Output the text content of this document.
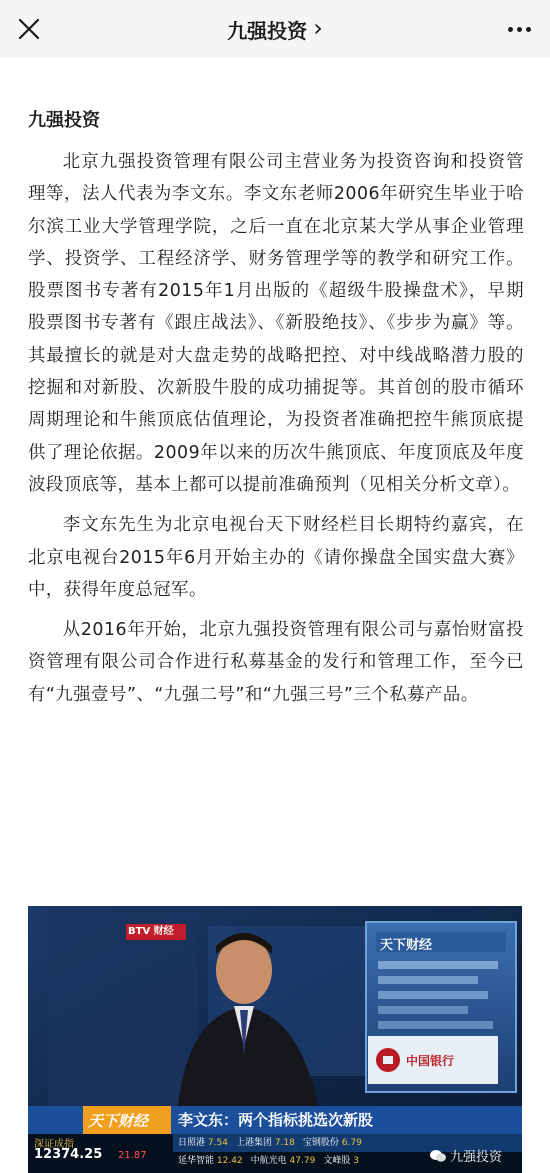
九强投资 ›
九强投资

北京九强投资管理有限公司主营业务为投资咨询和投资管理等，法人代表为李文东。李文东老师2006年研究生毕业于哈尔滨工业大学管理学院，之后一直在北京某大学从事企业管理学、投资学、工程经济学、财务管理学等的教学和研究工作。股票图书专著有2015年1月出版的《超级牛股操盘术》，早期股票图书专著有《跟庄战法》、《新股绝技》、《步步为赢》等。其最擅长的就是对大盘走势的战略把控、对中线战略潜力股的挖掘和对新股、次新股牛股的成功捕捉等。其首创的股市循环周期理论和牛熊顶底估值理论，为投资者准确把控牛熊顶底提供了理论依据。2009年以来的历次牛熊顶底、年度顶底及年度波段顶底等，基本上都可以提前准确预判（见相关分析文章）。

李文东先生为北京电视台天下财经栏目长期特约嘉宾，在北京电视台2015年6月开始主办的《请你操盘全国实盘大赛》中，获得年度总冠军。

从2016年开始，北京九强投资管理有限公司与嘉怡财富投资管理有限公司合作进行私募基金的发行和管理工作，至今已有“九强壹号”、“九强二号”和“九强三号”三个私募产品。

BTV 财经
天下财经
中国银行
天下财经 李文东：两个指标挑选次新股
深证成指
12374.25 21.87
日照港 7.54 上港集团 7.18 宝钢股份 6.79
延华智能 12.42 中航光电 47.79 文峰股 3	九强投资
